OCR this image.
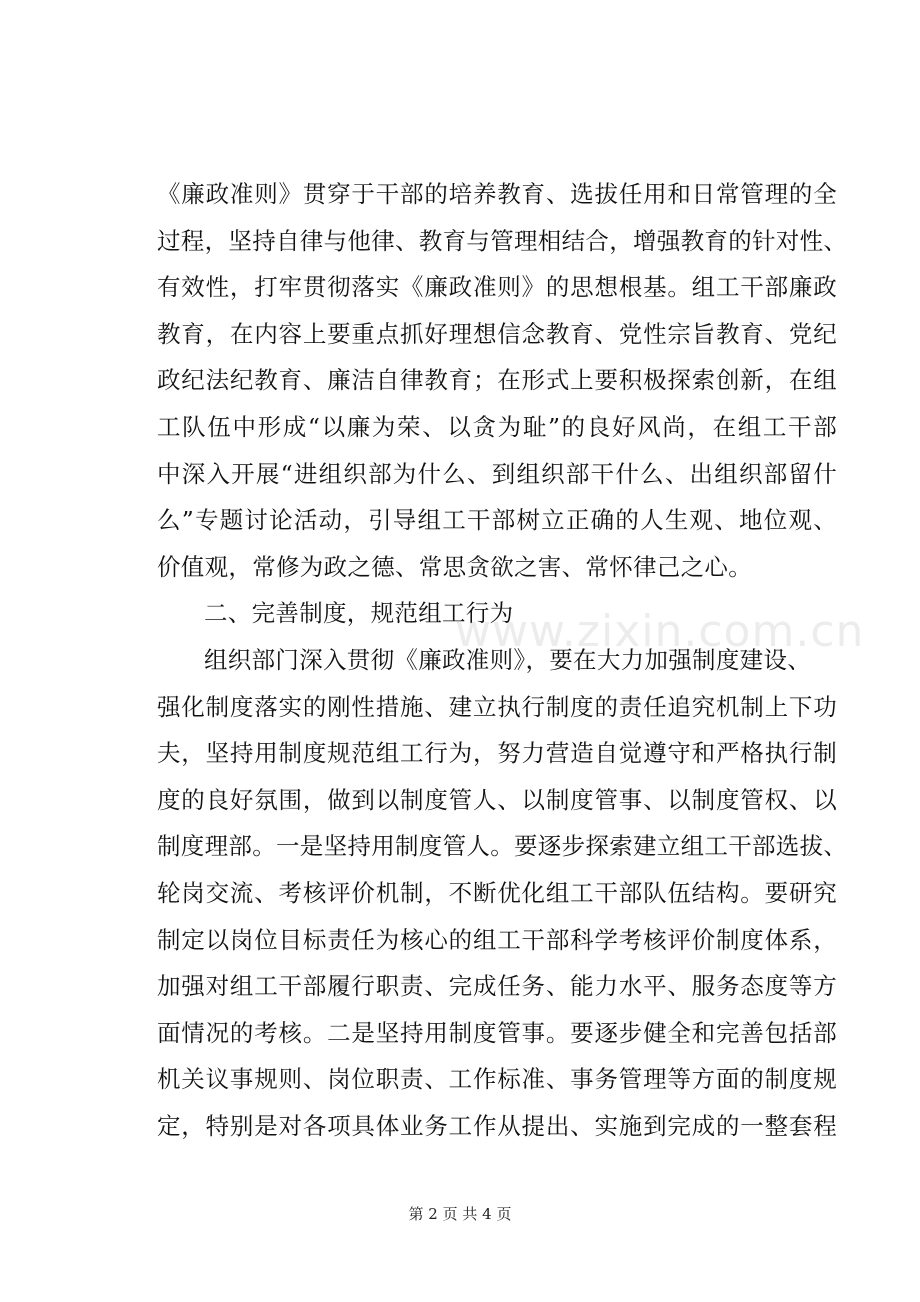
《廉政准则》贯穿于干部的培养教育、选拔任用和日常管理的全
过程，坚持自律与他律、教育与管理相结合，增强教育的针对性、
有效性，打牢贯彻落实《廉政准则》的思想根基。组工干部廉政
教育，在内容上要重点抓好理想信念教育、党性宗旨教育、党纪
政纪法纪教育、廉洁自律教育；在形式上要积极探索创新，在组
工队伍中形成“以廉为荣、以贪为耻”的良好风尚，在组工干部
中深入开展“进组织部为什么、到组织部干什么、出组织部留什
么”专题讨论活动，引导组工干部树立正确的人生观、地位观、
价值观，常修为政之德、常思贪欲之害、常怀律己之心。
二、完善制度，规范组工行为
组织部门深入贯彻《廉政准则》，要在大力加强制度建设、
强化制度落实的刚性措施、建立执行制度的责任追究机制上下功
夫，坚持用制度规范组工行为，努力营造自觉遵守和严格执行制
度的良好氛围，做到以制度管人、以制度管事、以制度管权、以
制度理部。一是坚持用制度管人。要逐步探索建立组工干部选拔、
轮岗交流、考核评价机制，不断优化组工干部队伍结构。要研究
制定以岗位目标责任为核心的组工干部科学考核评价制度体系，
加强对组工干部履行职责、完成任务、能力水平、服务态度等方
面情况的考核。二是坚持用制度管事。要逐步健全和完善包括部
机关议事规则、岗位职责、工作标准、事务管理等方面的制度规
定，特别是对各项具体业务工作从提出、实施到完成的一整套程
www.zixin.com.cn
第 2 页 共 4 页
